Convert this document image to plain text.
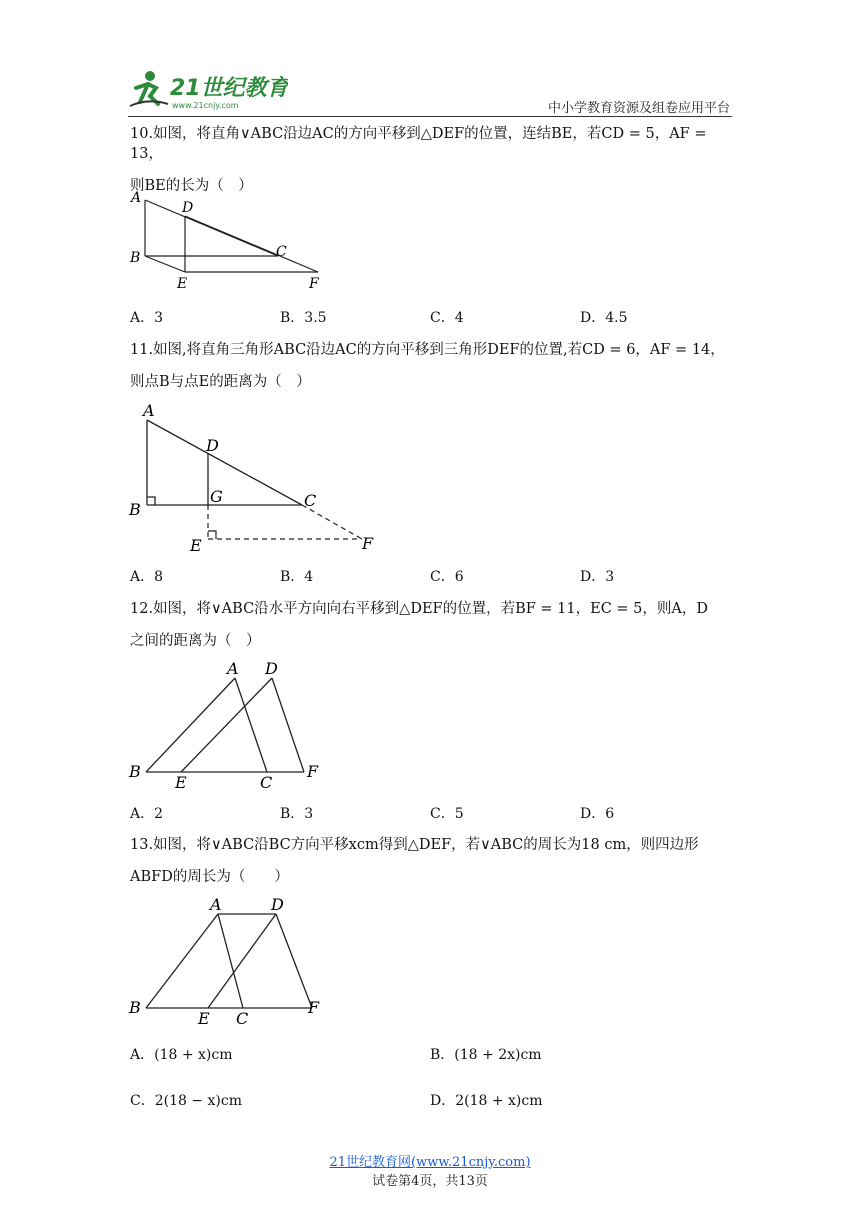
21世纪教育
www.21cnjy.com	中小学教育资源及组卷应用平台
10.如图，将直角∨ABC沿边AC的方向平移到△DEF的位置，连结BE，若CD = 5，AF = 13，
则BE的长为（　）
A
D
B	C
E	F
A．3	B．3.5	C．4	D．4.5
11.如图,将直角三角形ABC沿边AC的方向平移到三角形DEF的位置,若CD = 6，AF = 14，
则点B与点E的距离为（　）
A
D
B
G	C
E	F
A．8	B．4	C．6	D．3
12.如图，将∨ABC沿水平方向向右平移到△DEF的位置，若BF = 11，EC = 5，则A，D
之间的距离为（　）
A D
B
E	C
F
A．2	B．3	C．5	D．6
13.如图，将∨ABC沿BC方向平移xcm得到△DEF，若∨ABC的周长为18 cm，则四边形
ABFD的周长为（　　）
A	D
B
E C
F
A．(18 + x)cm	B．(18 + 2x)cm
C．2(18 − x)cm	D．2(18 + x)cm
21世纪教育网(www.21cnjy.com)
试卷第4页，共13页
